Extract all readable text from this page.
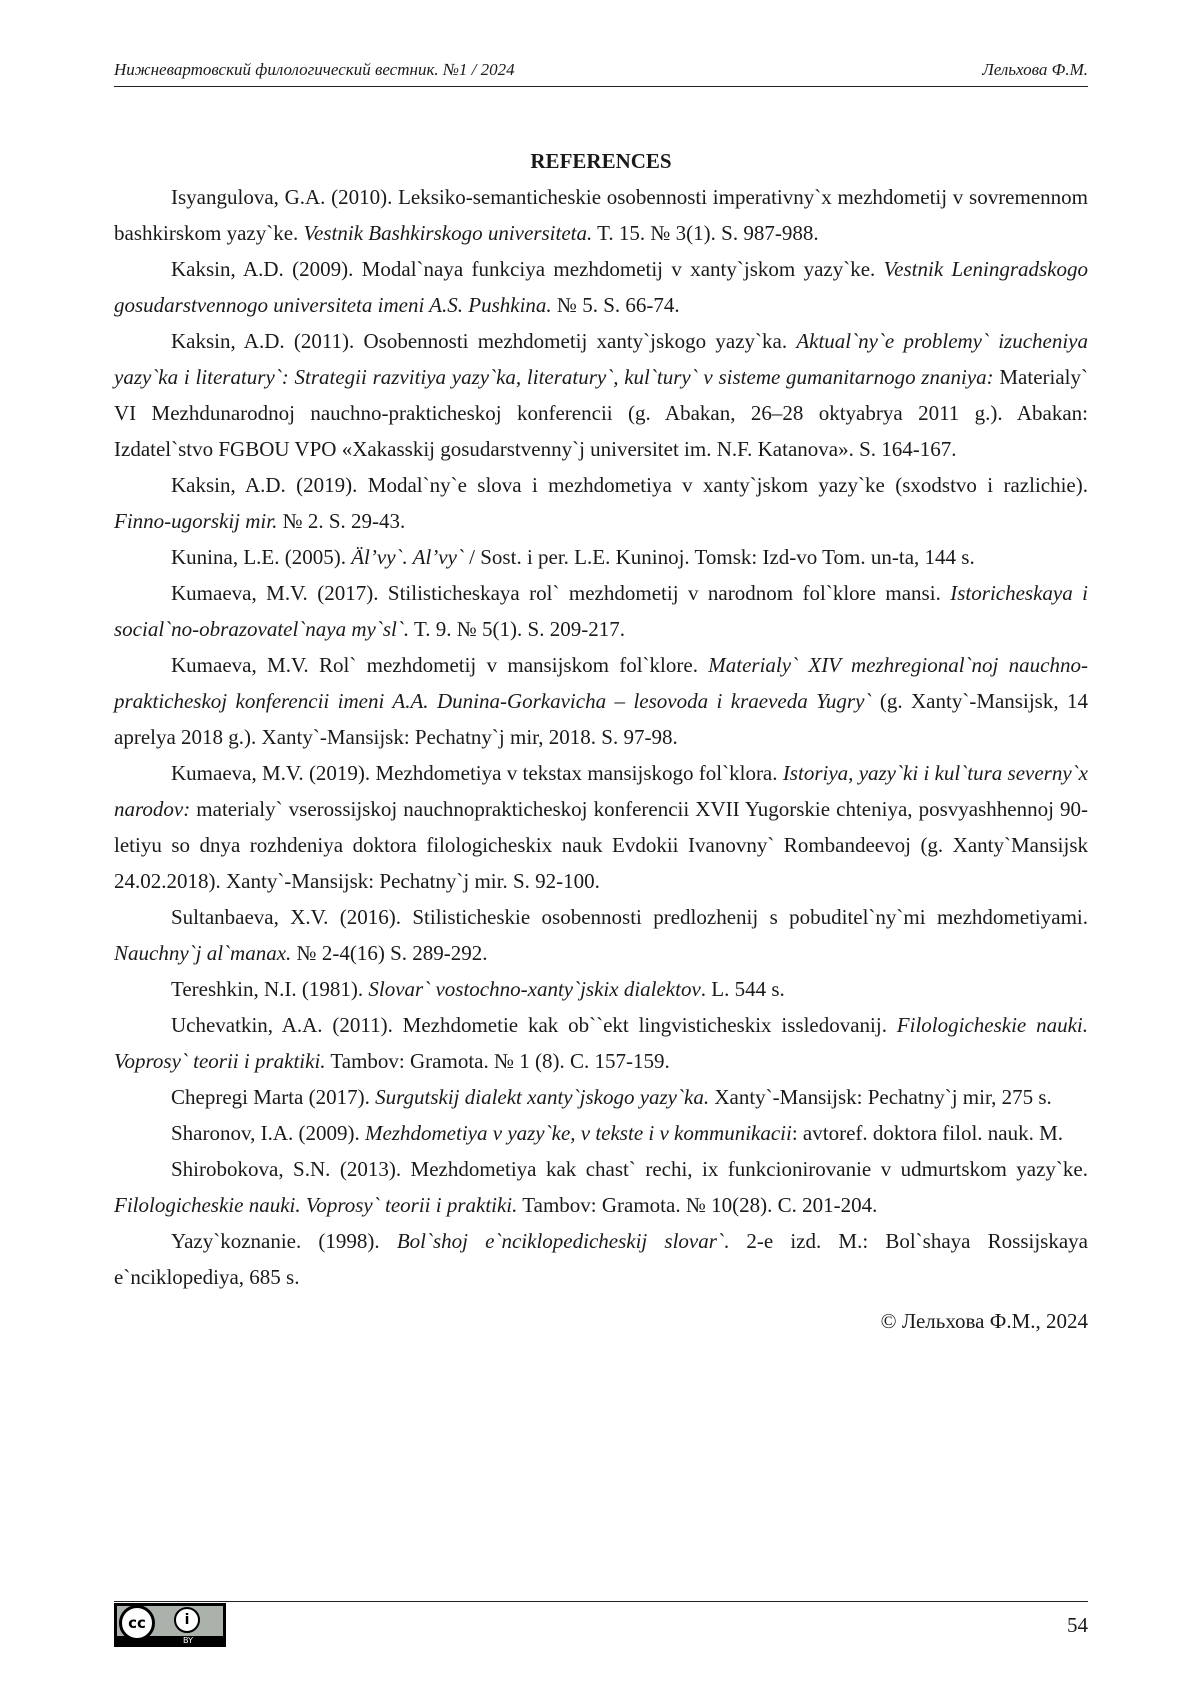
Нижневартовский филологический вестник. №1 / 2024	Лельхова Ф.М.

REFERENCES

Isyangulova, G.A. (2010). Leksiko-semanticheskie osobennosti imperativny`x mezhdometij v sovremennom bashkirskom yazy`ke. Vestnik Bashkirskogo universiteta. T. 15. № 3(1). S. 987-988.

Kaksin, A.D. (2009). Modal`naya funkciya mezhdometij v xanty`jskom yazy`ke. Vestnik Leningradskogo gosudarstvennogo universiteta imeni A.S. Pushkina. № 5. S. 66-74.

Kaksin, A.D. (2011). Osobennosti mezhdometij xanty`jskogo yazy`ka. Aktual`ny`e problemy` izucheniya yazy`ka i literatury`: Strategii razvitiya yazy`ka, literatury`, kul`tury` v sisteme gumanitarnogo znaniya: Materialy` VI Mezhdunarodnoj nauchno-prakticheskoj konferencii (g. Abakan, 26–28 oktyabrya 2011 g.). Abakan: Izdatel`stvo FGBOU VPO «Xakasskij gosudarstvenny`j universitet im. N.F. Katanova». S. 164-167.

Kaksin, A.D. (2019). Modal`ny`e slova i mezhdometiya v xanty`jskom yazy`ke (sxodstvo i razlichie). Finno-ugorskij mir. № 2. S. 29-43.

Kunina, L.E. (2005). Äl’vy`. Al’vy` / Sost. i per. L.E. Kuninoj. Tomsk: Izd-vo Tom. un-ta, 144 s.

Kumaeva, M.V. (2017). Stilisticheskaya rol` mezhdometij v narodnom fol`klore mansi. Istoricheskaya i social`no-obrazovatel`naya my`sl`. T. 9. № 5(1). S. 209-217.

Kumaeva, M.V. Rol` mezhdometij v mansijskom fol`klore. Materialy` XIV mezhregional`noj nauchno-prakticheskoj konferencii imeni A.A. Dunina-Gorkavicha – lesovoda i kraeveda Yugry` (g. Xanty`-Mansijsk, 14 aprelya 2018 g.). Xanty`-Mansijsk: Pechatny`j mir, 2018. S. 97-98.

Kumaeva, M.V. (2019). Mezhdometiya v tekstax mansijskogo fol`klora. Istoriya, yazy`ki i kul`tura severny`x narodov: materialy` vserossijskoj nauchnoprakticheskoj konferencii XVII Yugorskie chteniya, posvyashhennoj 90-letiyu so dnya rozhdeniya doktora filologicheskix nauk Evdokii Ivanovny` Rombandeevoj (g. Xanty`Mansijsk 24.02.2018). Xanty`-Mansijsk: Pechatny`j mir. S. 92-100.

Sultanbaeva, X.V. (2016). Stilisticheskie osobennosti predlozhenij s pobuditel`ny`mi mezhdometiyami. Nauchny`j al`manax. № 2-4(16) S. 289-292.

Tereshkin, N.I. (1981). Slovar` vostochno-xanty`jskix dialektov. L. 544 s.

Uchevatkin, A.A. (2011). Mezhdometie kak ob``ekt lingvisticheskix issledovanij. Filologicheskie nauki. Voprosy` teorii i praktiki. Tambov: Gramota. № 1 (8). C. 157-159.

Chepregi Marta (2017). Surgutskij dialekt xanty`jskogo yazy`ka. Xanty`-Mansijsk: Pechatny`j mir, 275 s.

Sharonov, I.A. (2009). Mezhdometiya v yazy`ke, v tekste i v kommunikacii: avtoref. doktora filol. nauk. M.

Shirobokova, S.N. (2013). Mezhdometiya kak chast` rechi, ix funkcionirovanie v udmurtskom yazy`ke. Filologicheskie nauki. Voprosy` teorii i praktiki. Tambov: Gramota. № 10(28). C. 201-204.

Yazy`koznanie. (1998). Bol`shoj e`nciklopedicheskij slovar`. 2-e izd. M.: Bol`shaya Rossijskaya e`nciklopediya, 685 s.

© Лельхова Ф.М., 2024

cc	i
BY
54
